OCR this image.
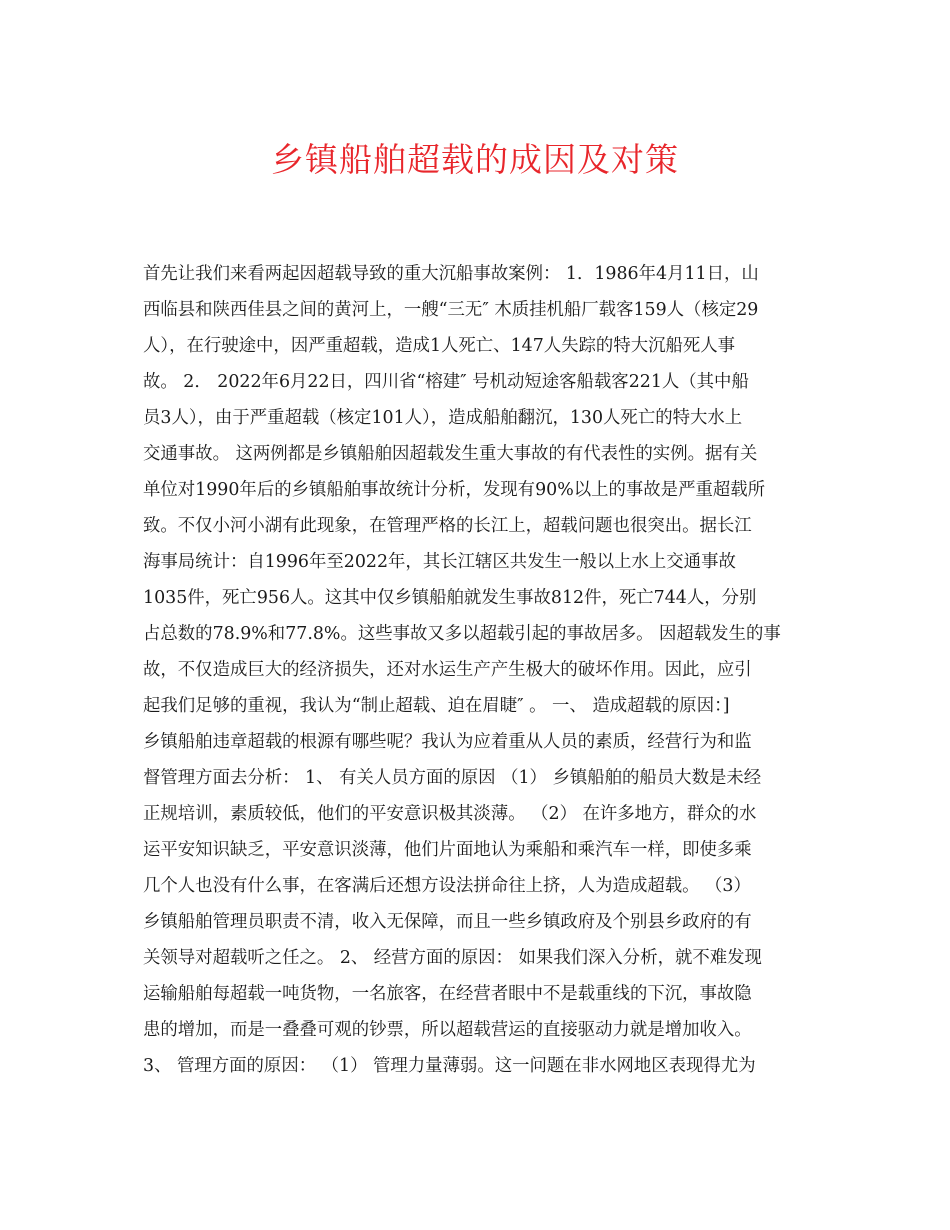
乡镇船舶超载的成因及对策
首先让我们来看两起因超载导致的重大沉船事故案例： 1．1986年4月11日，山
西临县和陕西佳县之间的黄河上，一艘“三无″ 木质挂机船厂载客159人（核定29
人），在行驶途中，因严重超载，造成1人死亡、147人失踪的特大沉船死人事
故。 2． 2022年6月22日，四川省“榕建″ 号机动短途客船载客221人（其中船
员3人），由于严重超载（核定101人），造成船舶翻沉，130人死亡的特大水上
交通事故。 这两例都是乡镇船舶因超载发生重大事故的有代表性的实例。据有关
单位对1990年后的乡镇船舶事故统计分析，发现有90%以上的事故是严重超载所
致。不仅小河小湖有此现象，在管理严格的长江上，超载问题也很突出。据长江
海事局统计：自1996年至2022年，其长江辖区共发生一般以上水上交通事故
1035件，死亡956人。这其中仅乡镇船舶就发生事故812件，死亡744人，分别
占总数的78.9%和77.8%。这些事故又多以超载引起的事故居多。 因超载发生的事
故，不仅造成巨大的经济损失，还对水运生产产生极大的破坏作用。因此，应引
起我们足够的重视，我认为“制止超载、迫在眉睫″ 。 一、 造成超载的原因：]
乡镇船舶违章超载的根源有哪些呢？我认为应着重从人员的素质，经营行为和监
督管理方面去分析： 1、 有关人员方面的原因 （1） 乡镇船舶的船员大数是未经
正规培训，素质较低，他们的平安意识极其淡薄。 （2） 在许多地方，群众的水
运平安知识缺乏，平安意识淡薄，他们片面地认为乘船和乘汽车一样，即使多乘
几个人也没有什么事，在客满后还想方设法拼命往上挤，人为造成超载。 （3）
乡镇船舶管理员职责不清，收入无保障，而且一些乡镇政府及个别县乡政府的有
关领导对超载听之任之。 2、 经营方面的原因： 如果我们深入分析，就不难发现
运输船舶每超载一吨货物，一名旅客，在经营者眼中不是载重线的下沉，事故隐
患的增加，而是一叠叠可观的钞票，所以超载营运的直接驱动力就是增加收入。
3、 管理方面的原因： （1） 管理力量薄弱。这一问题在非水网地区表现得尤为
